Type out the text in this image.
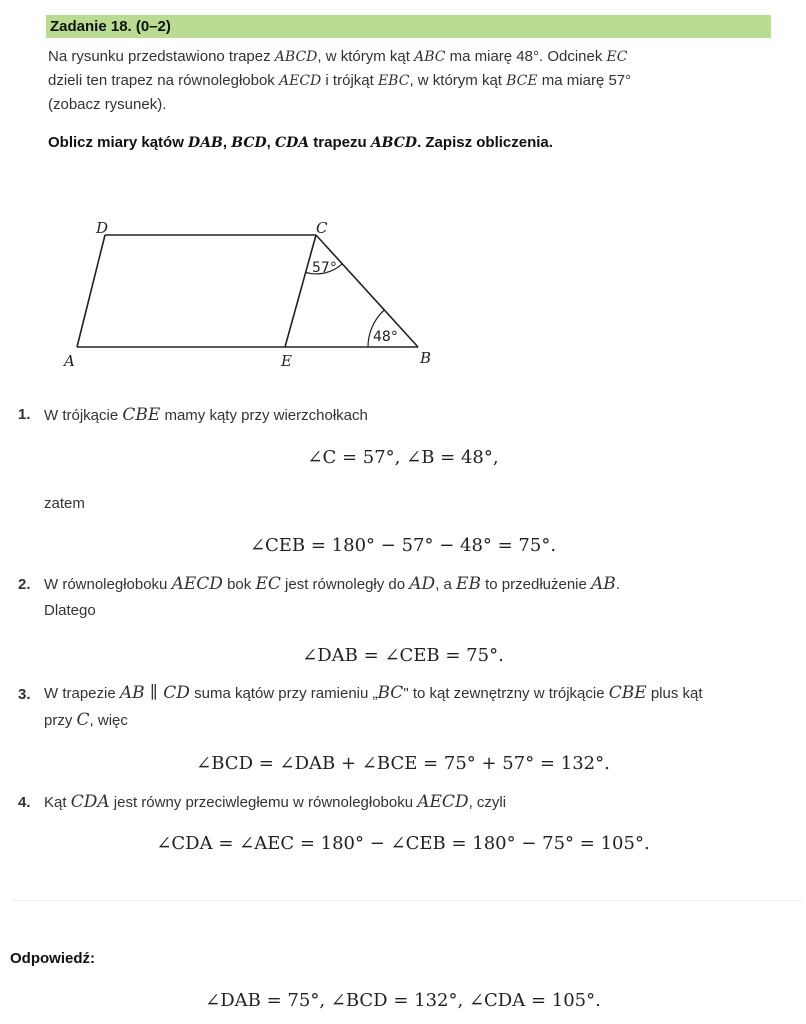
Zadanie 18. (0–2)
Na rysunku przedstawiono trapez ABCD, w którym kąt ABC ma miarę 48°. Odcinek EC
dzieli ten trapez na równoległobok AECD i trójkąt EBC, w którym kąt BCE ma miarę 57°
(zobacz rysunek).
Oblicz miary kątów DAB, BCD, CDA trapezu ABCD. Zapisz obliczenia.
D	C
A	E	B
57°
48°
1. W trójkącie CBE mamy kąty przy wierzchołkach
∠C = 57°, ∠B = 48°,
zatem
∠CEB = 180° − 57° − 48° = 75°.
2. W równoległoboku AECD bok EC jest równoległy do AD, a EB to przedłużenie AB.
Dlatego
∠DAB = ∠CEB = 75°.
3. W trapezie AB ∥ CD suma kątów przy ramieniu „BC" to kąt zewnętrzny w trójkącie CBE plus kąt
przy C, więc
∠BCD = ∠DAB + ∠BCE = 75° + 57° = 132°.
4. Kąt CDA jest równy przeciwległemu w równoległoboku AECD, czyli
∠CDA = ∠AEC = 180° − ∠CEB = 180° − 75° = 105°.
Odpowiedź:
∠DAB = 75°, ∠BCD = 132°, ∠CDA = 105°.
